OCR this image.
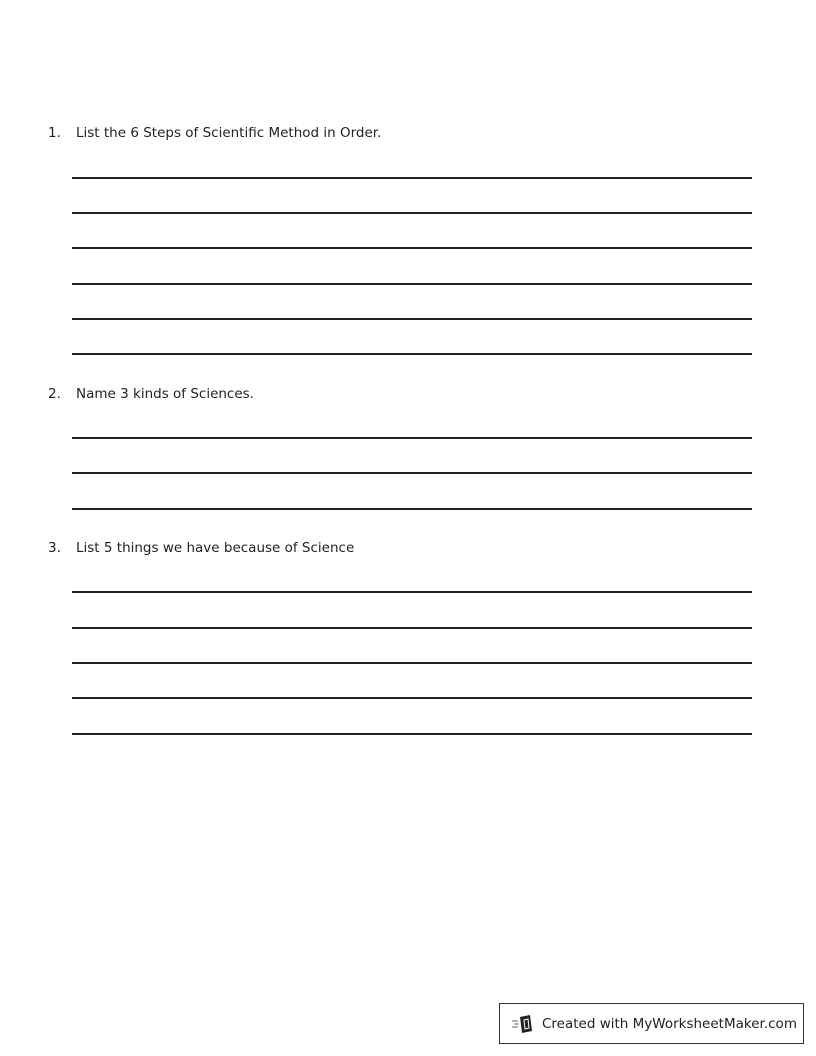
1. List the 6 Steps of Scientific Method in Order.
2. Name 3 kinds of Sciences.
3. List 5 things we have because of Science
Created with MyWorksheetMaker.com
